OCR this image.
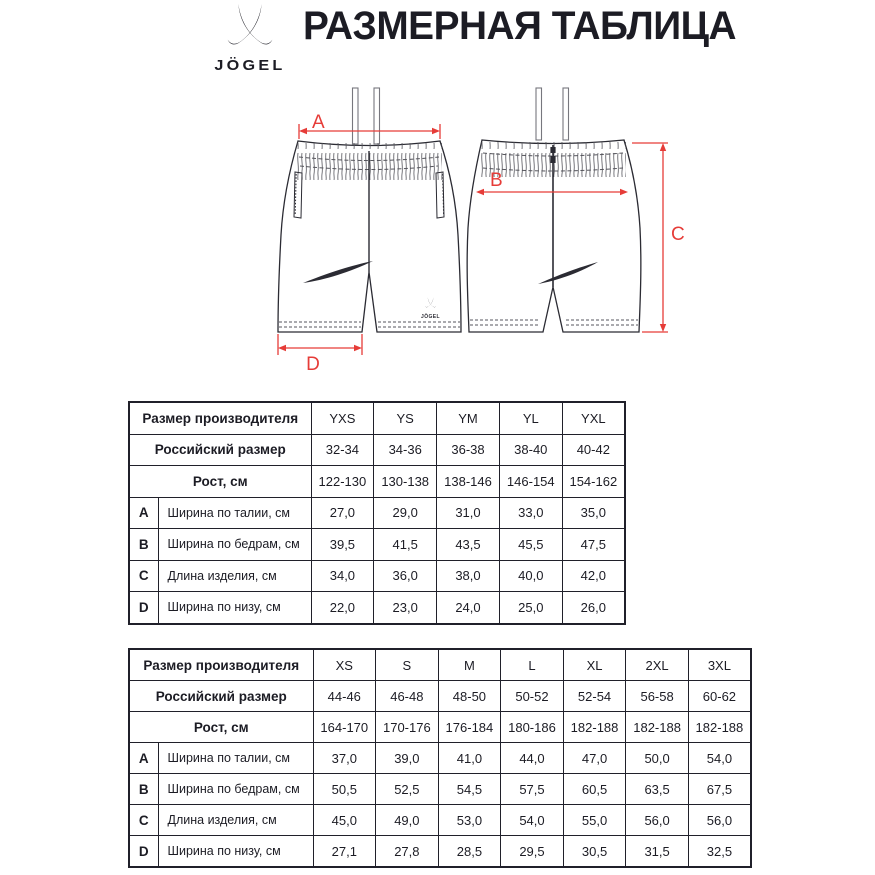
JÖGEL
РАЗМЕРНАЯ ТАБЛИЦА
JÖGEL
A
D
B
C
Размер производителя		YXS	YS	YM	YL	YXL
Российский размер		32-34	34-36	36-38	38-40	40-42
Рост, см		122-130	130-138	138-146	146-154	154-162
A	Ширина по талии, см	27,0	29,0	31,0	33,0	35,0
B	Ширина по бедрам, см	39,5	41,5	43,5	45,5	47,5
C	Длина изделия, см	34,0	36,0	38,0	40,0	42,0
D	Ширина по низу, см	22,0	23,0	24,0	25,0	26,0
Размер производителя		XS	S	M	L	XL	2XL	3XL
Российский размер		44-46	46-48	48-50	50-52	52-54	56-58	60-62
Рост, см		164-170	170-176	176-184	180-186	182-188	182-188	182-188
A	Ширина по талии, см	37,0	39,0	41,0	44,0	47,0	50,0	54,0
B	Ширина по бедрам, см	50,5	52,5	54,5	57,5	60,5	63,5	67,5
C	Длина изделия, см	45,0	49,0	53,0	54,0	55,0	56,0	56,0
D	Ширина по низу, см	27,1	27,8	28,5	29,5	30,5	31,5	32,5
